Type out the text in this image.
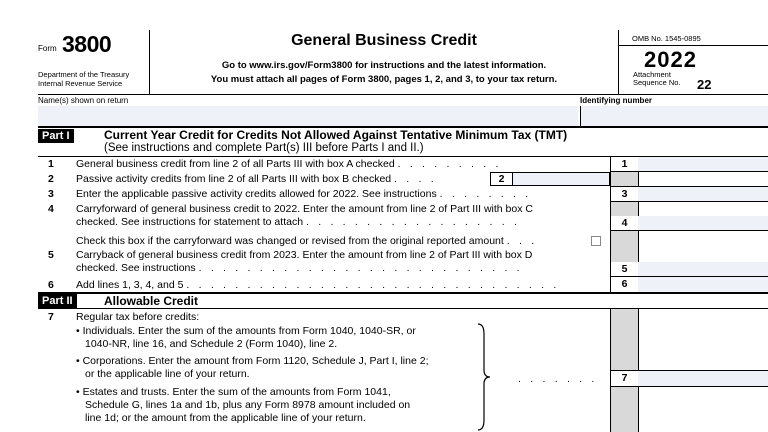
Form 3800
Department of the Treasury
Internal Revenue Service
General Business Credit
Go to www.irs.gov/Form3800 for instructions and the latest information.
You must attach all pages of Form 3800, pages 1, 2, and 3, to your tax return.
OMB No. 1545-0895
2022
Attachment
Sequence No. 22
Name(s) shown on return	Identifying number
Part I	Current Year Credit for Credits Not Allowed Against Tentative Minimum Tax (TMT)
(See instructions and complete Part(s) III before Parts I and II.)
1 General business credit from line 2 of all Parts III with box A checked . . . . . . . . .	1
2 Passive activity credits from line 2 of all Parts III with box B checked . . . .	2
3 Enter the applicable passive activity credits allowed for 2022. See instructions . . . . . . . .	3
4 Carryforward of general business credit to 2022. Enter the amount from line 2 of Part III with box C
checked. See instructions for statement to attach . . . . . . . . . . . . . . . . . .	4
Check this box if the carryforward was changed or revised from the original reported amount . . .
5 Carryback of general business credit from 2023. Enter the amount from line 2 of Part III with box D
checked. See instructions . . . . . . . . . . . . . . . . . . . . . . . . . . .	5
6 Add lines 1, 3, 4, and 5 . . . . . . . . . . . . . . . . . . . . . . . . . . . . . . .	6
Part II	Allowable Credit
7 Regular tax before credits:
• Individuals. Enter the sum of the amounts from Form 1040, 1040-SR, or
1040-NR, line 16, and Schedule 2 (Form 1040), line 2.
• Corporations. Enter the amount from Form 1120, Schedule J, Part I, line 2;
or the applicable line of your return.
• Estates and trusts. Enter the sum of the amounts from Form 1041,
Schedule G, lines 1a and 1b, plus any Form 8978 amount included on
line 1d; or the amount from the applicable line of your return.
. . . . . . .	7
